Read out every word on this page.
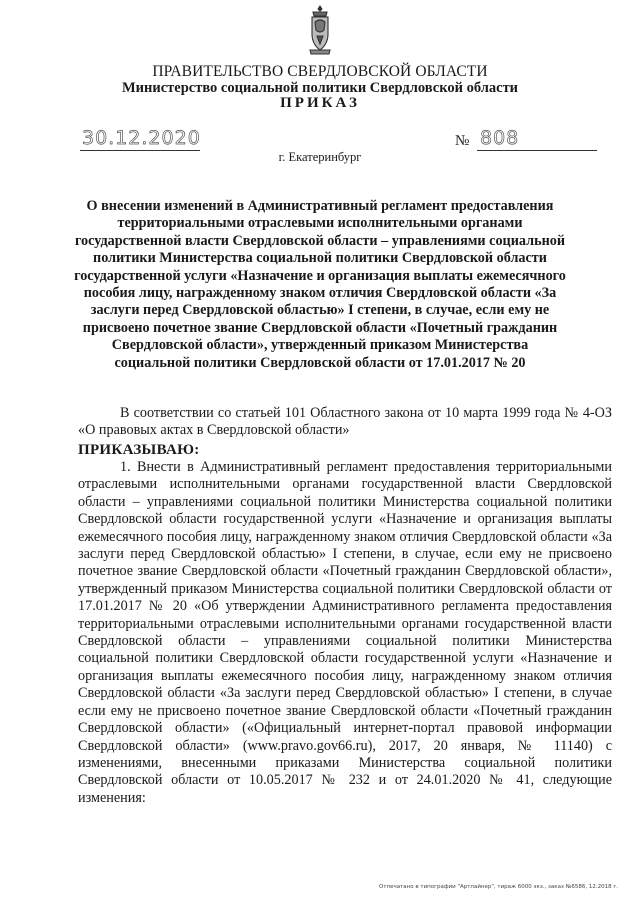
ПРАВИТЕЛЬСТВО СВЕРДЛОВСКОЙ ОБЛАСТИ
Министерство социальной политики Свердловской области
ПРИКАЗ
30.12.2020	№ 808
г. Екатеринбург
О внесении изменений в Административный регламент предоставления территориальными отраслевыми исполнительными органами государственной власти Свердловской области – управлениями социальной политики Министерства социальной политики Свердловской области государственной услуги «Назначение и организация выплаты ежемесячного пособия лицу, награжденному знаком отличия Свердловской области «За заслуги перед Свердловской областью» I степени, в случае, если ему не присвоено почетное звание Свердловской области «Почетный гражданин Свердловской области», утвержденный приказом Министерства социальной политики Свердловской области от 17.01.2017 № 20
В соответствии со статьей 101 Областного закона от 10 марта 1999 года № 4-ОЗ «О правовых актах в Свердловской области»
ПРИКАЗЫВАЮ:
1. Внести в Административный регламент предоставления территориальными отраслевыми исполнительными органами государственной власти Свердловской области – управлениями социальной политики Министерства социальной политики Свердловской области государственной услуги «Назначение и организация выплаты ежемесячного пособия лицу, награжденному знаком отличия Свердловской области «За заслуги перед Свердловской областью» I степени, в случае, если ему не присвоено почетное звание Свердловской области «Почетный гражданин Свердловской области», утвержденный приказом Министерства социальной политики Свердловской области от 17.01.2017 № 20 «Об утверждении Административного регламента предоставления территориальными отраслевыми исполнительными органами государственной власти Свердловской области – управлениями социальной политики Министерства социальной политики Свердловской области государственной услуги «Назначение и организация выплаты ежемесячного пособия лицу, награжденному знаком отличия Свердловской области «За заслуги перед Свердловской областью» I степени, в случае если ему не присвоено почетное звание Свердловской области «Почетный гражданин Свердловской области» («Официальный интернет-портал правовой информации Свердловской области» (www.pravo.gov66.ru), 2017, 20 января, № 11140) с изменениями, внесенными приказами Министерства социальной политики Свердловской области от 10.05.2017 № 232 и от 24.01.2020 № 41, следующие изменения:
Отпечатано в типографии "Артлайнер", тираж 6000 экз., заказ №6586, 12.2018 г.
